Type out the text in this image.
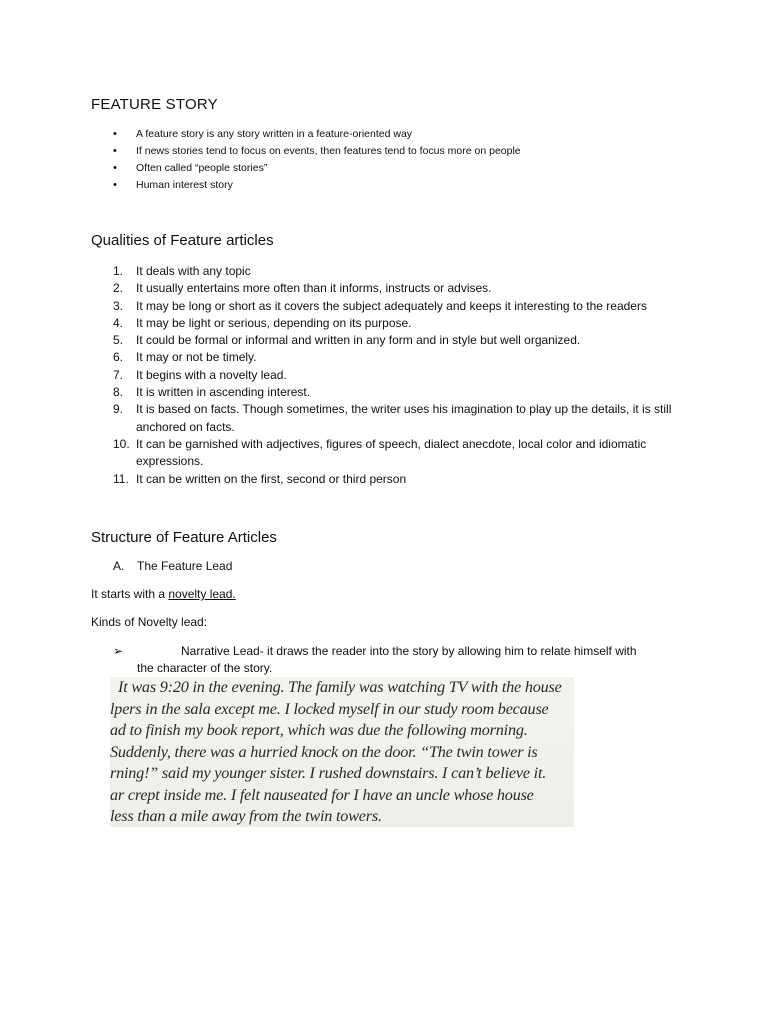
FEATURE STORY
• A feature story is any story written in a feature-oriented way
• If news stories tend to focus on events, then features tend to focus more on people
• Often called “people stories”
• Human interest story
Qualities of Feature articles
1.	It deals with any topic
2.	It usually entertains more often than it informs, instructs or advises.
3.	It may be long or short as it covers the subject adequately and keeps it interesting to the readers
4.	It may be light or serious, depending on its purpose.
5.	It could be formal or informal and written in any form and in style but well organized.
6.	It may or not be timely.
7.	It begins with a novelty lead.
8.	It is written in ascending interest.
9.	It is based on facts. Though sometimes, the writer uses his imagination to play up the details, it is still anchored on facts.
10. It can be garnished with adjectives, figures of speech, dialect anecdote, local color and idiomatic expressions.
11. It can be written on the first, second or third person
Structure of Feature Articles
A. The Feature Lead
It starts with a novelty lead.
Kinds of Novelty lead:
➢	Narrative Lead- it draws the reader into the story by allowing him to relate himself with
the character of the story.
It was 9:20 in the evening. The family was watching TV with the house
lpers in the sala except me. I locked myself in our study room because
ad to finish my book report, which was due the following morning.
Suddenly, there was a hurried knock on the door. “The twin tower is
rning!” said my younger sister. I rushed downstairs. I can’t believe it.
ar crept inside me. I felt nauseated for I have an uncle whose house
less than a mile away from the twin towers.
